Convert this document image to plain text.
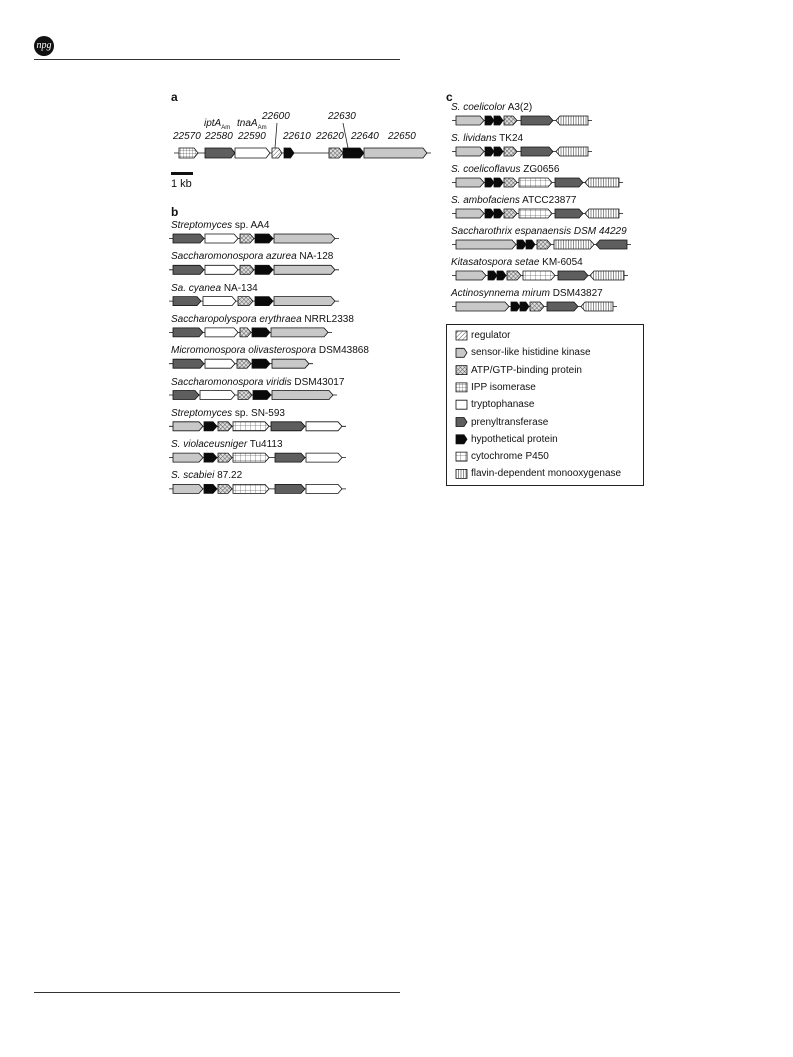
npg
a
b
c
22570 22580 22590
22600
22610 22620
22630
22640 22650
iptA$_{Am}$ tnaA$_{Am}$
1 kb
Streptomyces sp. AA4
Saccharomonospora azurea NA-128
Sa. cyanea NA-134
Saccharopolyspora erythraea NRRL2338
Micromonospora olivasterospora DSM43868
Saccharomonospora viridis DSM43017
Streptomyces sp. SN-593
S. violaceusniger Tu4113
S. scabiei 87.22
S. coelicolor A3(2)
S. lividans TK24
S. coelicoflavus ZG0656
S. ambofaciens ATCC23877
Saccharothrix espanaensis DSM 44229
Kitasatospora setae KM-6054
Actinosynnema mirum DSM43827
regulator
sensor-like histidine kinase
ATP/GTP-binding protein
IPP isomerase
tryptophanase
prenyltransferase
hypothetical protein
cytochrome P450
flavin-dependent monooxygenase
